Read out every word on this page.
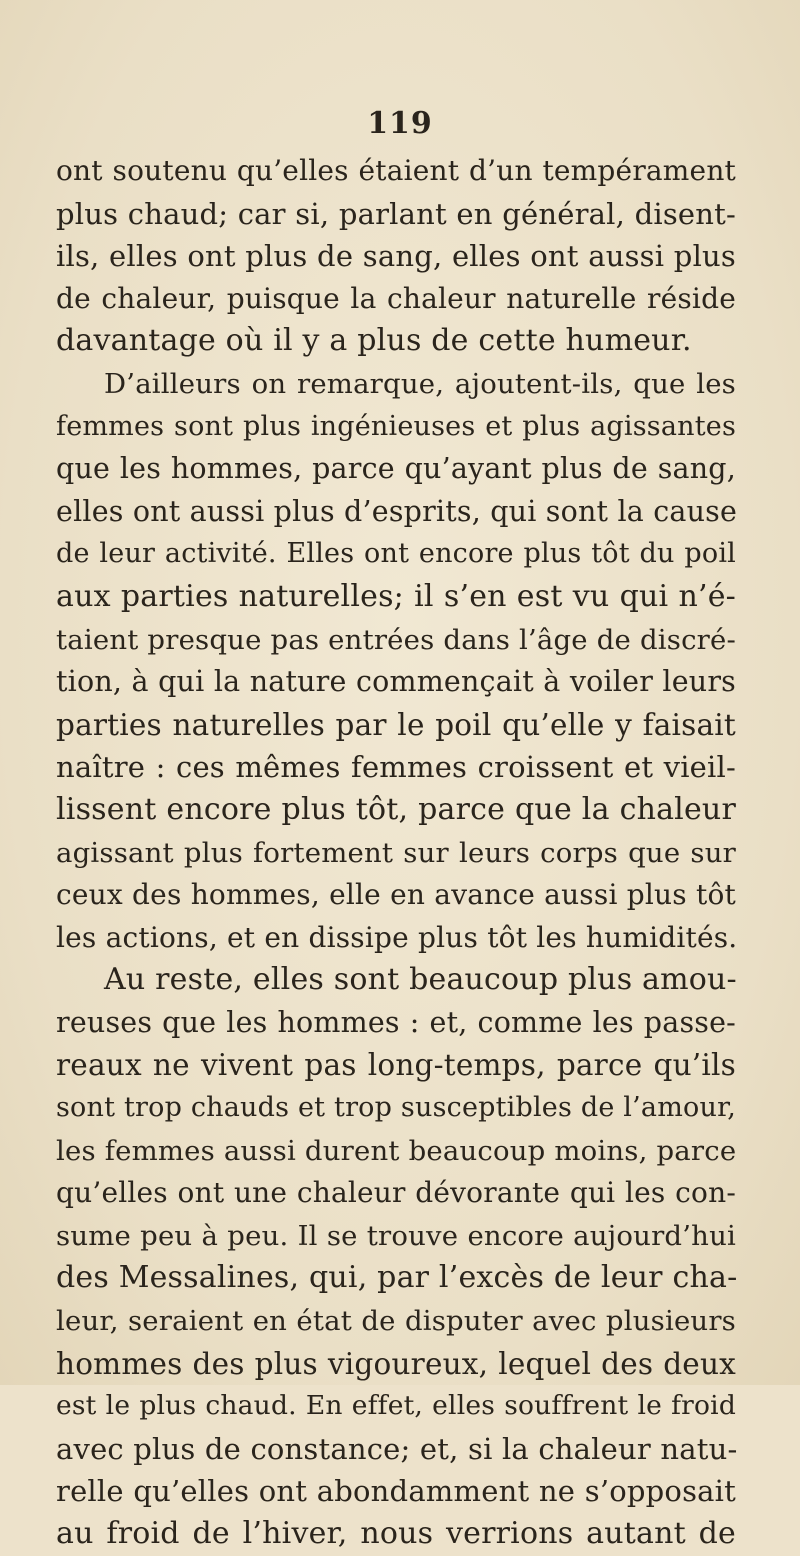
119
ont soutenu qu’elles étaient d’un tempérament
plus chaud; car si, parlant en général, disent-
ils, elles ont plus de sang, elles ont aussi plus
de chaleur, puisque la chaleur naturelle réside
davantage où il y a plus de cette humeur.
D’ailleurs on remarque, ajoutent-ils, que les
femmes sont plus ingénieuses et plus agissantes
que les hommes, parce qu’ayant plus de sang,
elles ont aussi plus d’esprits, qui sont la cause
de leur activité. Elles ont encore plus tôt du poil
aux parties naturelles; il s’en est vu qui n’é-
taient presque pas entrées dans l’âge de discré-
tion, à qui la nature commençait à voiler leurs
parties naturelles par le poil qu’elle y faisait
naître : ces mêmes femmes croissent et vieil-
lissent encore plus tôt, parce que la chaleur
agissant plus fortement sur leurs corps que sur
ceux des hommes, elle en avance aussi plus tôt
les actions, et en dissipe plus tôt les humidités.
Au reste, elles sont beaucoup plus amou-
reuses que les hommes : et, comme les passe-
reaux ne vivent pas long-temps, parce qu’ils
sont trop chauds et trop susceptibles de l’amour,
les femmes aussi durent beaucoup moins, parce
qu’elles ont une chaleur dévorante qui les con-
sume peu à peu. Il se trouve encore aujourd’hui
des Messalines, qui, par l’excès de leur cha-
leur, seraient en état de disputer avec plusieurs
hommes des plus vigoureux, lequel des deux
est le plus chaud. En effet, elles souffrent le froid
avec plus de constance; et, si la chaleur natu-
relle qu’elles ont abondamment ne s’opposait
au froid de l’hiver, nous verrions autant de
